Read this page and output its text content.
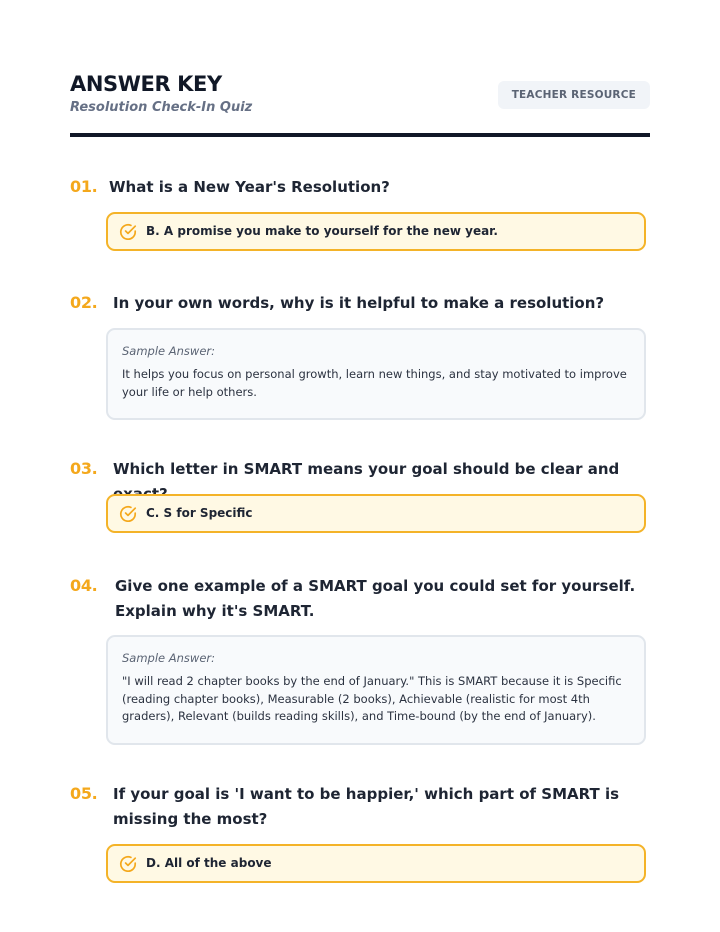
ANSWER KEY
Resolution Check-In Quiz
TEACHER RESOURCE
01. What is a New Year's Resolution?
B. A promise you make to yourself for the new year.
02. In your own words, why is it helpful to make a resolution?
Sample Answer:
It helps you focus on personal growth, learn new things, and stay motivated to improve your life or help others.
03. Which letter in SMART means your goal should be clear and
C. S for Specific
04. Give one example of a SMART goal you could set for yourself. Explain why it's SMART.
Sample Answer:
"I will read 2 chapter books by the end of January." This is SMART because it is Specific (reading chapter books), Measurable (2 books), Achievable (realistic for most 4th graders), Relevant (builds reading skills), and Time-bound (by the end of January).
05. If your goal is 'I want to be happier,' which part of SMART is missing the most?
D. All of the above
